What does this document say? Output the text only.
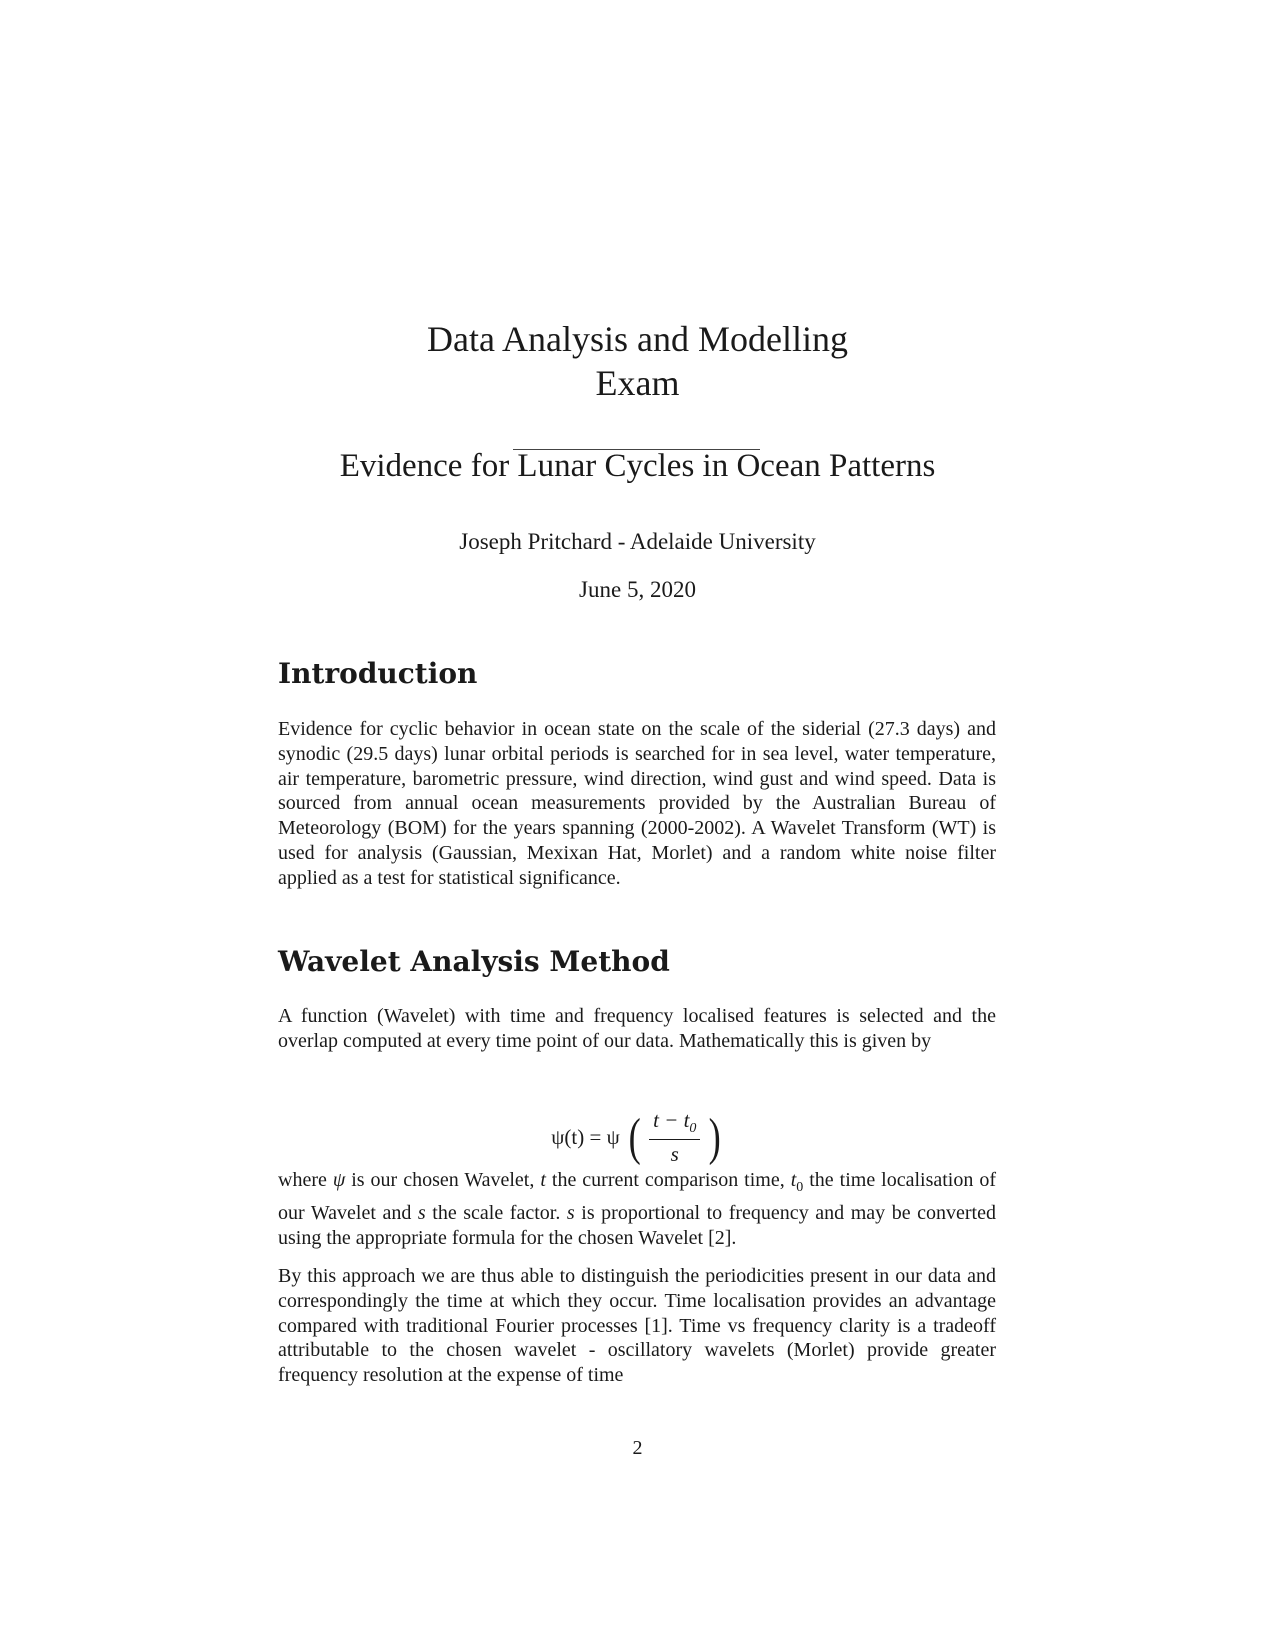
Data Analysis and Modelling
Exam
Evidence for Lunar Cycles in Ocean Patterns
Joseph Pritchard - Adelaide University
June 5, 2020
Introduction

Evidence for cyclic behavior in ocean state on the scale of the siderial (27.3 days) and synodic (29.5 days) lunar orbital periods is searched for in sea level, water temperature, air temperature, barometric pressure, wind direction, wind gust and wind speed. Data is sourced from annual ocean measurements provided by the Australian Bureau of Meteorology (BOM) for the years spanning (2000-2002). A Wavelet Transform (WT) is used for analysis (Gaussian, Mexixan Hat, Morlet) and a random white noise filter applied as a test for statistical significance.

Wavelet Analysis Method

A function (Wavelet) with time and frequency localised features is selected and the overlap computed at every time point of our data. Mathematically this is given by

ψ(t) = ψ ( $\frac{t - t_0}{s}$ )

where ψ is our chosen Wavelet, t the current comparison time, $t_0$ the time localisation of our Wavelet and s the scale factor. s is proportional to frequency and may be converted using the appropriate formula for the chosen Wavelet [2].

By this approach we are thus able to distinguish the periodicities present in our data and correspondingly the time at which they occur. Time localisation provides an advantage compared with traditional Fourier processes [1]. Time vs frequency clarity is a tradeoff attributable to the chosen wavelet - oscillatory wavelets (Morlet) provide greater frequency resolution at the expense of time

2
